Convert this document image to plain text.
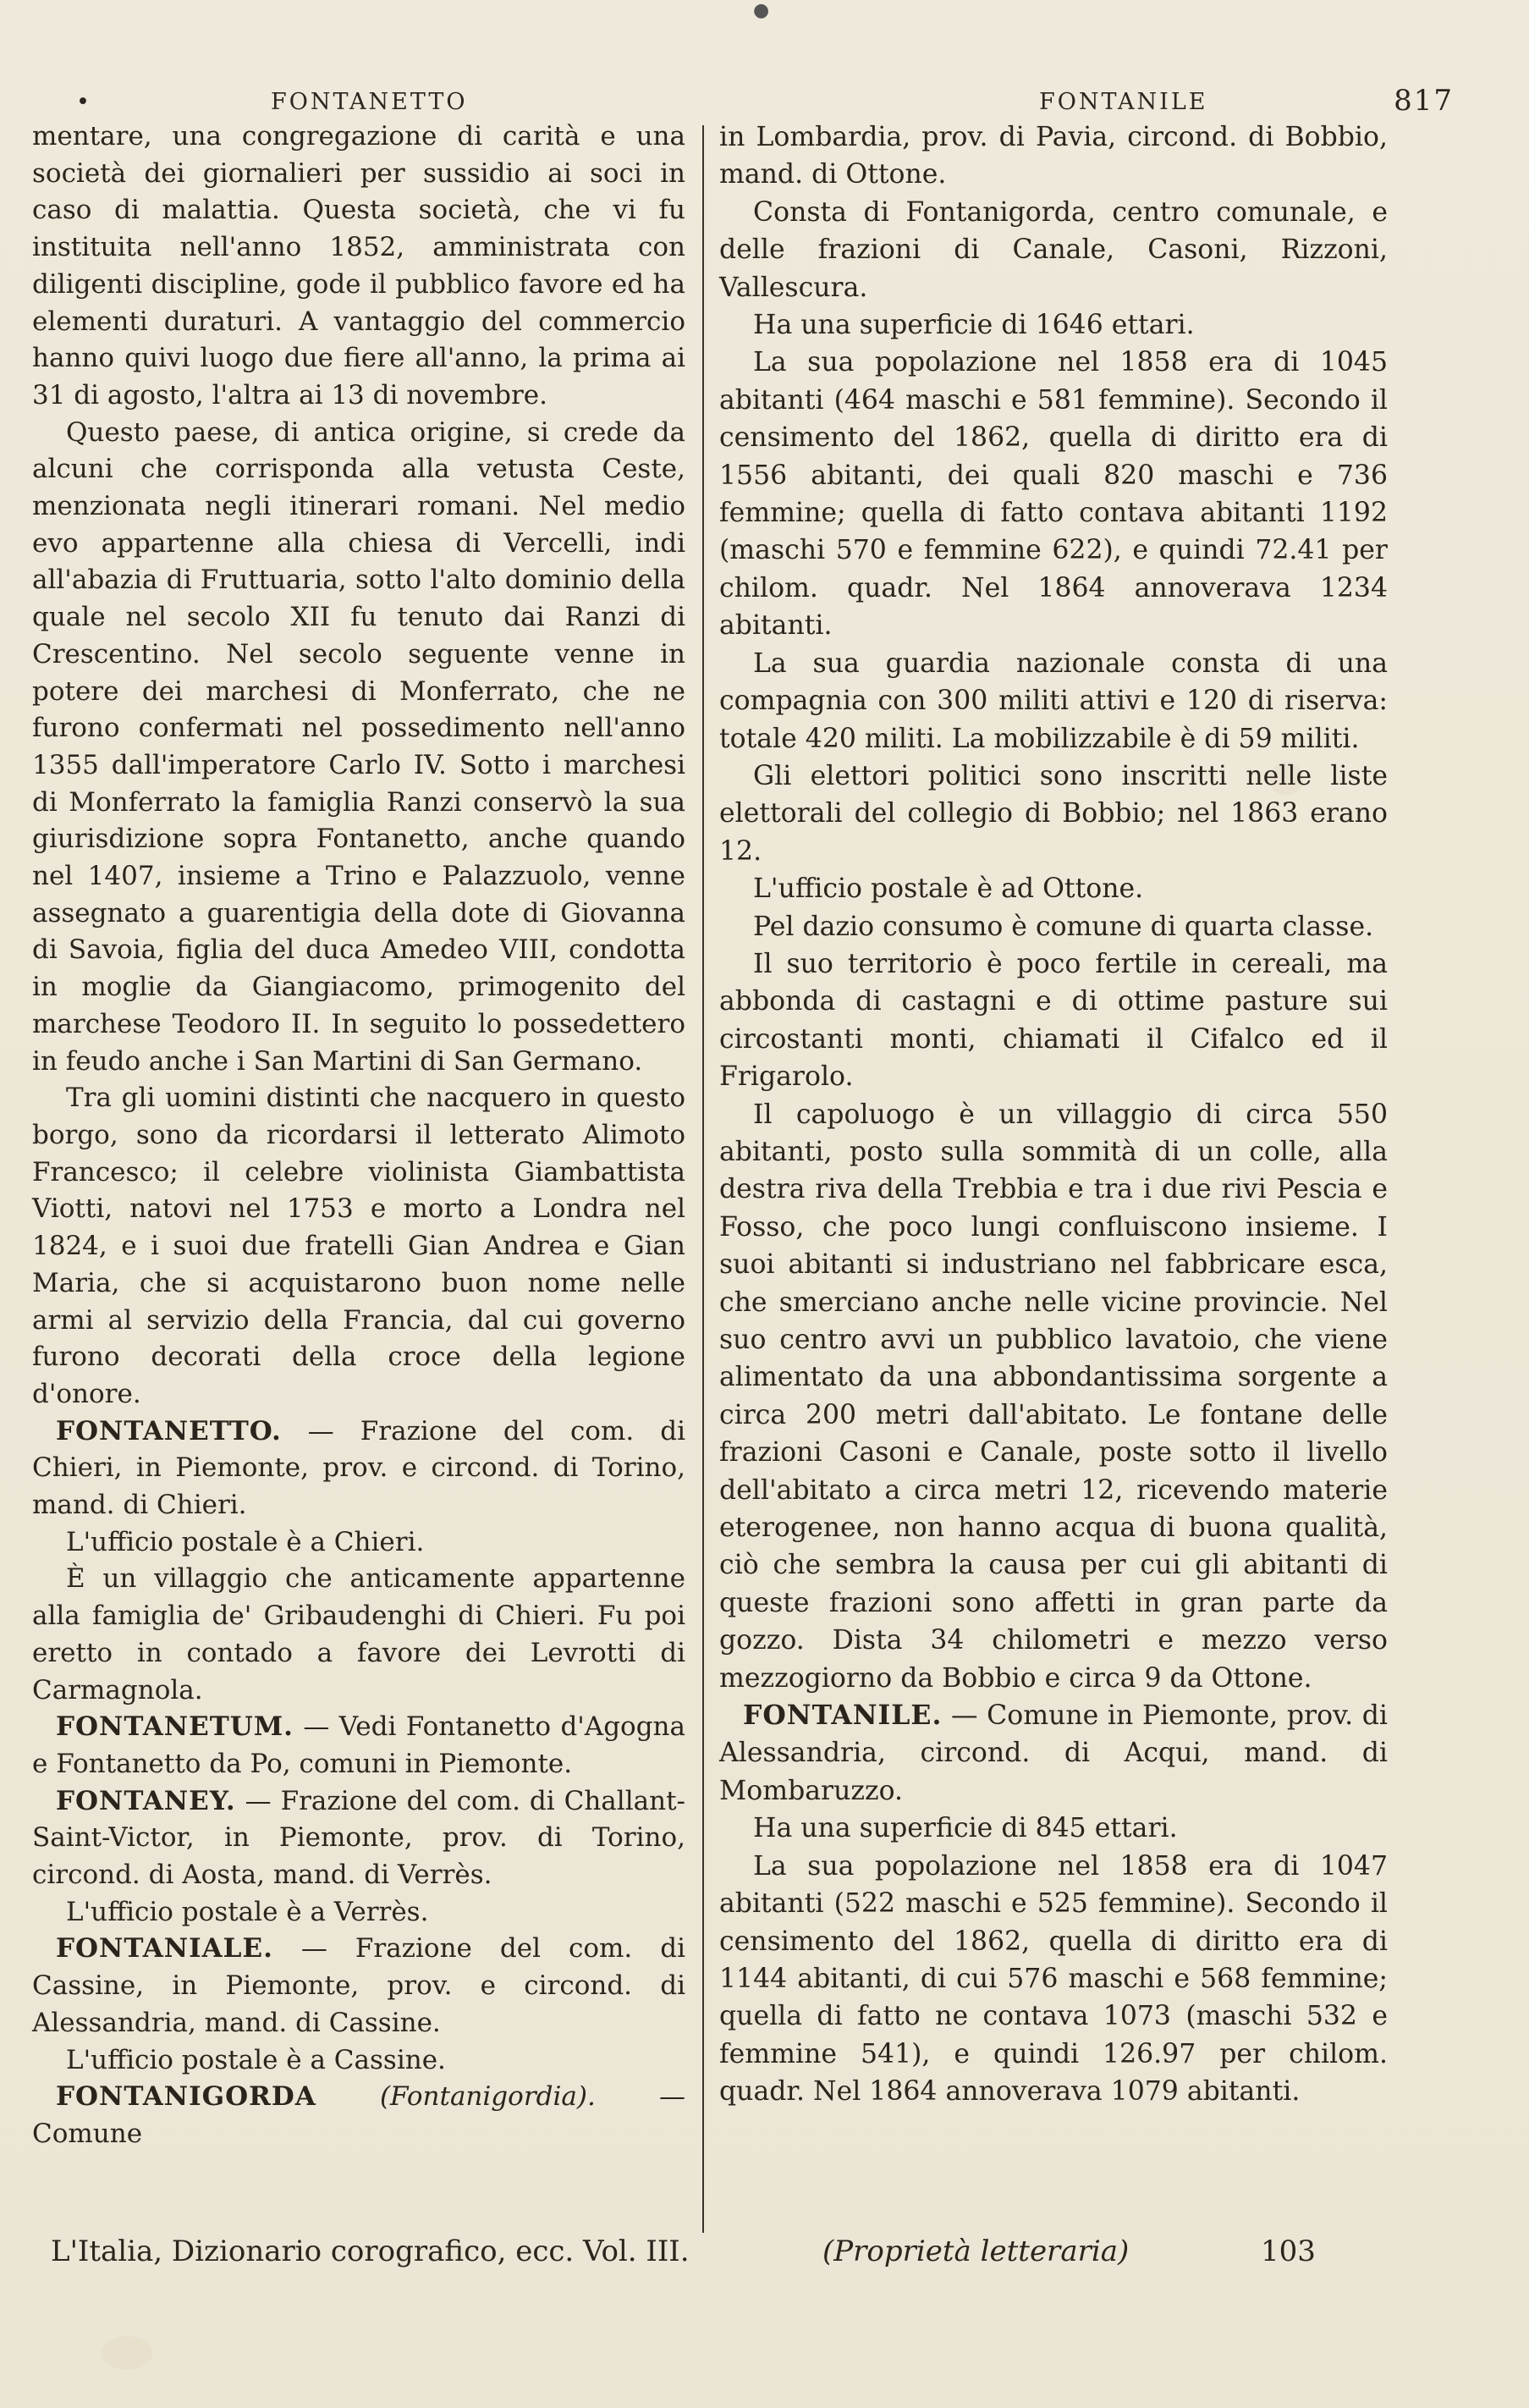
●
•	FONTANETTO	FONTANILE	817

mentare, una congregazione di carità e una società dei giornalieri per sussidio ai soci in caso di malattia. Questa società, che vi fu instituita nell'anno 1852, amministrata con diligenti discipline, gode il pubblico favore ed ha elementi duraturi. A vantaggio del commercio hanno quivi luogo due fiere all'anno, la prima ai 31 di agosto, l'altra ai 13 di novembre.

Questo paese, di antica origine, si crede da alcuni che corrisponda alla vetusta Ceste, menzionata negli itinerari romani. Nel medio evo appartenne alla chiesa di Vercelli, indi all'abazia di Fruttuaria, sotto l'alto dominio della quale nel secolo XII fu tenuto dai Ranzi di Crescentino. Nel secolo seguente venne in potere dei marchesi di Monferrato, che ne furono confermati nel possedimento nell'anno 1355 dall'imperatore Carlo IV. Sotto i marchesi di Monferrato la famiglia Ranzi conservò la sua giurisdizione sopra Fontanetto, anche quando nel 1407, insieme a Trino e Palazzuolo, venne assegnato a guarentigia della dote di Giovanna di Savoia, figlia del duca Amedeo VIII, condotta in moglie da Giangiacomo, primogenito del marchese Teodoro II. In seguito lo possedettero in feudo anche i San Martini di San Germano.

Tra gli uomini distinti che nacquero in questo borgo, sono da ricordarsi il letterato Alimoto Francesco; il celebre violinista Giambattista Viotti, natovi nel 1753 e morto a Londra nel 1824, e i suoi due fratelli Gian Andrea e Gian Maria, che si acquistarono buon nome nelle armi al servizio della Francia, dal cui governo furono decorati della croce della legione d'onore.

FONTANETTO. — Frazione del com. di Chieri, in Piemonte, prov. e circond. di Torino, mand. di Chieri.

L'ufficio postale è a Chieri.

È un villaggio che anticamente appartenne alla famiglia de' Gribaudenghi di Chieri. Fu poi eretto in contado a favore dei Levrotti di Carmagnola.

FONTANETUM. — Vedi Fontanetto d'Agogna e Fontanetto da Po, comuni in Piemonte.

FONTANEY. — Frazione del com. di Challant-Saint-Victor, in Piemonte, prov. di Torino, circond. di Aosta, mand. di Verrès.

L'ufficio postale è a Verrès.

FONTANIALE. — Frazione del com. di Cassine, in Piemonte, prov. e circond. di Alessandria, mand. di Cassine.

L'ufficio postale è a Cassine.

FONTANIGORDA (Fontanigordia). — Comune

in Lombardia, prov. di Pavia, circond. di Bobbio, mand. di Ottone.

Consta di Fontanigorda, centro comunale, e delle frazioni di Canale, Casoni, Rizzoni, Vallescura.

Ha una superficie di 1646 ettari.

La sua popolazione nel 1858 era di 1045 abitanti (464 maschi e 581 femmine). Secondo il censimento del 1862, quella di diritto era di 1556 abitanti, dei quali 820 maschi e 736 femmine; quella di fatto contava abitanti 1192 (maschi 570 e femmine 622), e quindi 72.41 per chilom. quadr. Nel 1864 annoverava 1234 abitanti.

La sua guardia nazionale consta di una compagnia con 300 militi attivi e 120 di riserva: totale 420 militi. La mobilizzabile è di 59 militi.

Gli elettori politici sono inscritti nelle liste elettorali del collegio di Bobbio; nel 1863 erano 12.

L'ufficio postale è ad Ottone.

Pel dazio consumo è comune di quarta classe.

Il suo territorio è poco fertile in cereali, ma abbonda di castagni e di ottime pasture sui circostanti monti, chiamati il Cifalco ed il Frigarolo.

Il capoluogo è un villaggio di circa 550 abitanti, posto sulla sommità di un colle, alla destra riva della Trebbia e tra i due rivi Pescia e Fosso, che poco lungi confluiscono insieme. I suoi abitanti si industriano nel fabbricare esca, che smerciano anche nelle vicine provincie. Nel suo centro avvi un pubblico lavatoio, che viene alimentato da una abbondantissima sorgente a circa 200 metri dall'abitato. Le fontane delle frazioni Casoni e Canale, poste sotto il livello dell'abitato a circa metri 12, ricevendo materie eterogenee, non hanno acqua di buona qualità, ciò che sembra la causa per cui gli abitanti di queste frazioni sono affetti in gran parte da gozzo. Dista 34 chilometri e mezzo verso mezzogiorno da Bobbio e circa 9 da Ottone.

FONTANILE. — Comune in Piemonte, prov. di Alessandria, circond. di Acqui, mand. di Mombaruzzo.

Ha una superficie di 845 ettari.

La sua popolazione nel 1858 era di 1047 abitanti (522 maschi e 525 femmine). Secondo il censimento del 1862, quella di diritto era di 1144 abitanti, di cui 576 maschi e 568 femmine; quella di fatto ne contava 1073 (maschi 532 e femmine 541), e quindi 126.97 per chilom. quadr. Nel 1864 annoverava 1079 abitanti.

L'Italia, Dizionario corografico, ecc. Vol. III.	(Proprietà letteraria)	103
